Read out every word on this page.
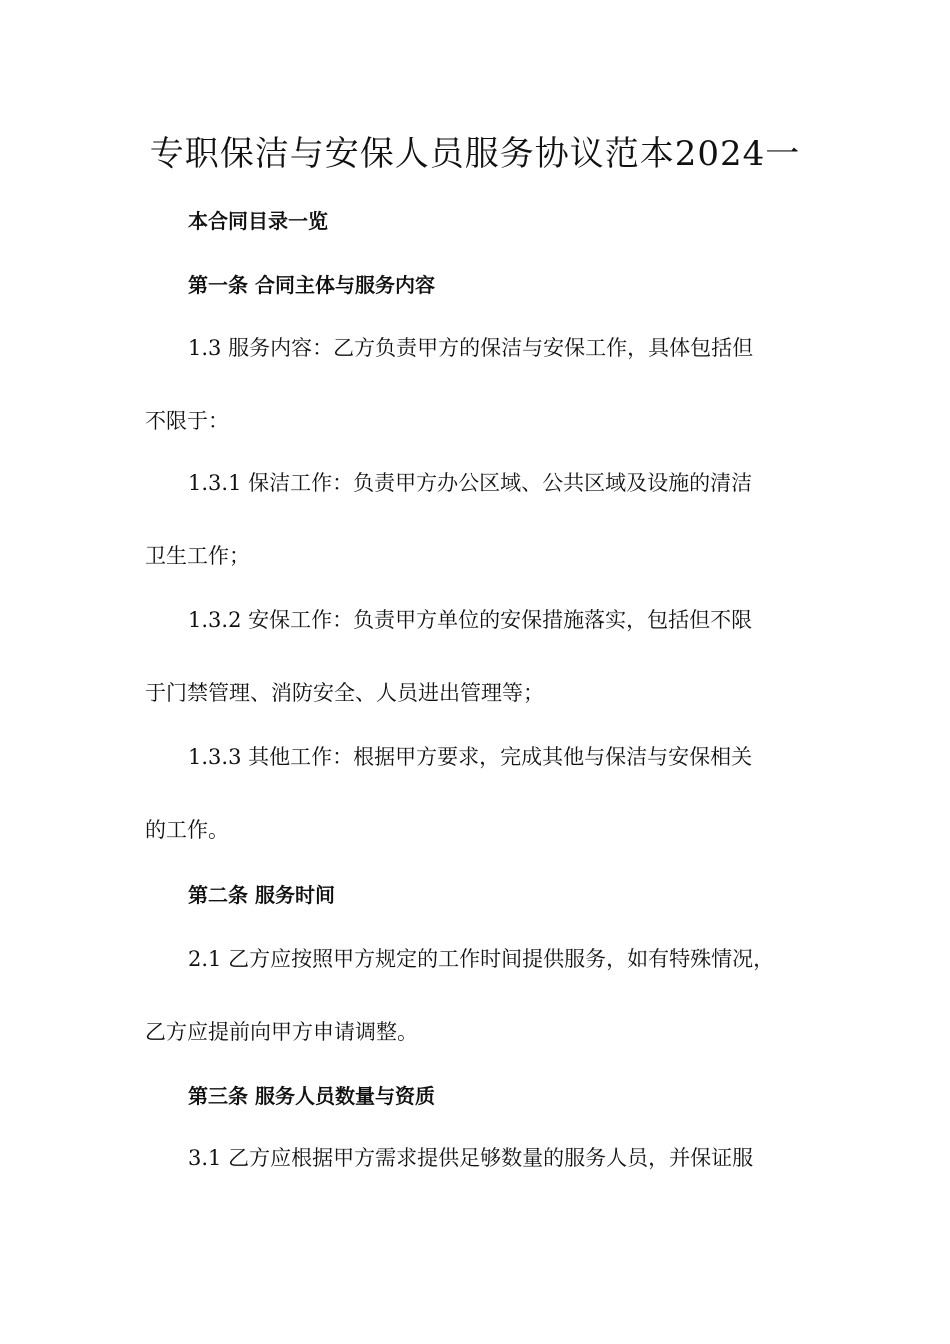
专职保洁与安保人员服务协议范本2024一
本合同目录一览
第一条 合同主体与服务内容
1.3 服务内容：乙方负责甲方的保洁与安保工作，具体包括但
不限于：
1.3.1 保洁工作：负责甲方办公区域、公共区域及设施的清洁
卫生工作；
1.3.2 安保工作：负责甲方单位的安保措施落实，包括但不限
于门禁管理、消防安全、人员进出管理等；
1.3.3 其他工作：根据甲方要求，完成其他与保洁与安保相关
的工作。
第二条 服务时间
2.1 乙方应按照甲方规定的工作时间提供服务，如有特殊情况，
乙方应提前向甲方申请调整。
第三条 服务人员数量与资质
3.1 乙方应根据甲方需求提供足够数量的服务人员，并保证服
